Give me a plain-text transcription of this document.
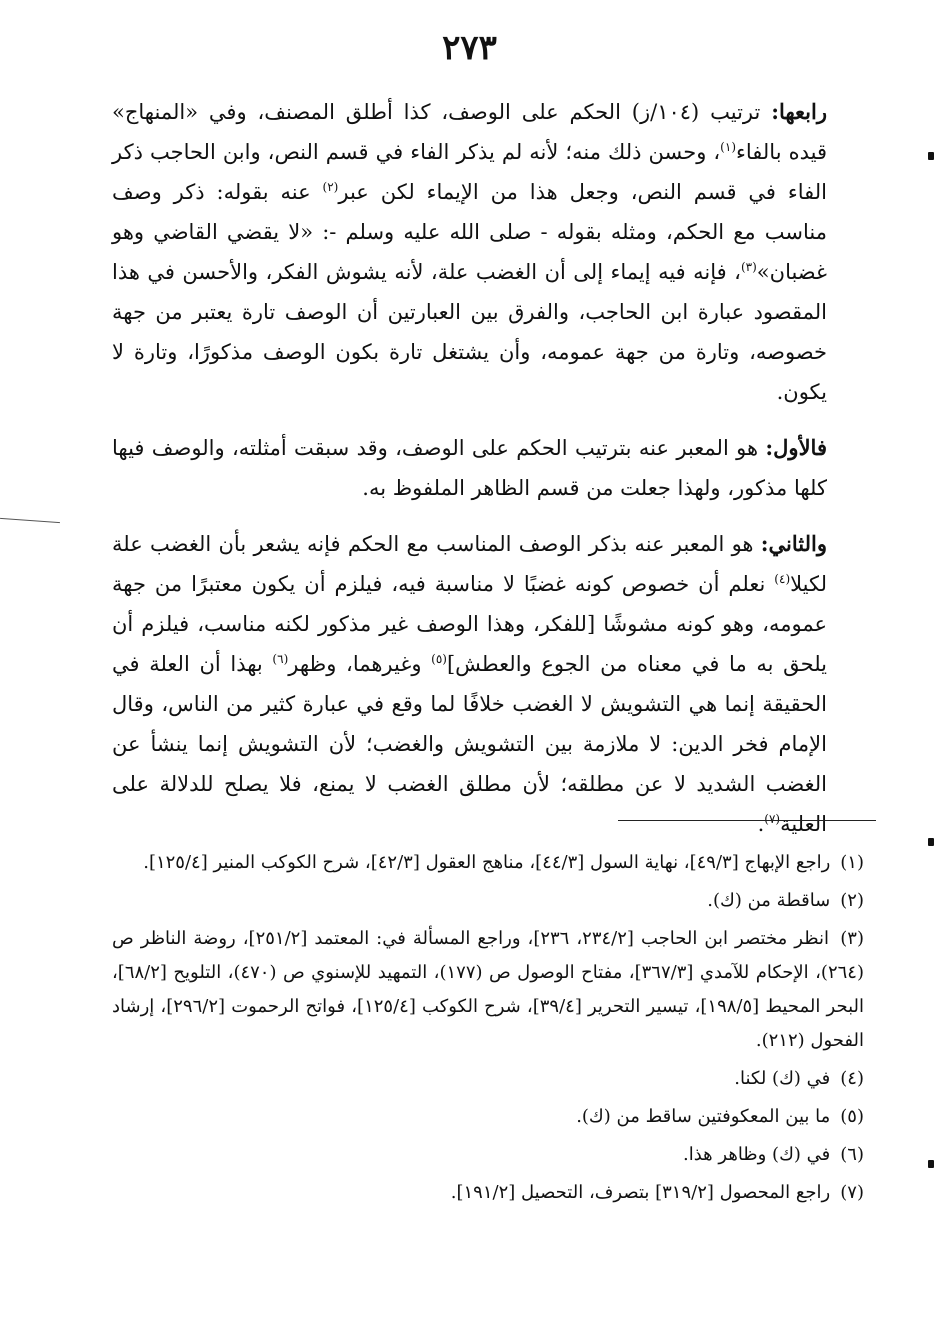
٢٧٣

رابعها: ترتيب (١٠٤/ز) الحكم على الوصف، كذا أطلق المصنف، وفي «المنهاج» قيده بالفاء$^{(١)}$، وحسن ذلك منه؛ لأنه لم يذكر الفاء في قسم النص، وابن الحاجب ذكر الفاء في قسم النص، وجعل هذا من الإيماء لكن عبر$^{(٢)}$ عنه بقوله: ذكر وصف مناسب مع الحكم، ومثله بقوله - صلى الله عليه وسلم -: «لا يقضي القاضي وهو غضبان»$^{(٣)}$، فإنه فيه إيماء إلى أن الغضب علة، لأنه يشوش الفكر، والأحسن في هذا المقصود عبارة ابن الحاجب، والفرق بين العبارتين أن الوصف تارة يعتبر من جهة خصوصه، وتارة من جهة عمومه، وأن يشتغل تارة بكون الوصف مذكورًا، وتارة لا يكون.

فالأول: هو المعبر عنه بترتيب الحكم على الوصف، وقد سبقت أمثلته، والوصف فيها كلها مذكور، ولهذا جعلت من قسم الظاهر الملفوظ به.

والثاني: هو المعبر عنه بذكر الوصف المناسب مع الحكم فإنه يشعر بأن الغضب علة لكيلا$^{(٤)}$ نعلم أن خصوص كونه غضبًا لا مناسبة فيه، فيلزم أن يكون معتبرًا من جهة عمومه، وهو كونه مشوشًا [للفكر، وهذا الوصف غير مذكور لكنه مناسب، فيلزم أن يلحق به ما في معناه من الجوع والعطش]$^{(٥)}$ وغيرهما، وظهر$^{(٦)}$ بهذا أن العلة في الحقيقة إنما هي التشويش لا الغضب خلافًا لما وقع في عبارة كثير من الناس، وقال الإمام فخر الدين: لا ملازمة بين التشويش والغضب؛ لأن التشويش إنما ينشأ عن الغضب الشديد لا عن مطلقه؛ لأن مطلق الغضب لا يمنع، فلا يصلح للدلالة على العلية$^{(٧)}$.

(١) راجع الإبهاج [٤٩/٣]، نهاية السول [٤٤/٣]، مناهج العقول [٤٢/٣]، شرح الكوكب المنير [١٢٥/٤].
(٢) ساقطة من (ك).
(٣) انظر مختصر ابن الحاجب [٢٣٤/٢، ٢٣٦]، وراجع المسألة في: المعتمد [٢٥١/٢]، روضة الناظر ص (٢٦٤)، الإحكام للآمدي [٣٦٧/٣]، مفتاح الوصول ص (١٧٧)، التمهيد للإسنوي ص (٤٧٠)، التلويح [٦٨/٢]، البحر المحيط [١٩٨/٥]، تيسير التحرير [٣٩/٤]، شرح الكوكب [١٢٥/٤]، فواتح الرحموت [٢٩٦/٢]، إرشاد الفحول (٢١٢).
(٤) في (ك) لكنا.
(٥) ما بين المعكوفتين ساقط من (ك).
(٦) في (ك) وظاهر هذا.
(٧) راجع المحصول [٣١٩/٢] بتصرف، التحصيل [١٩١/٢].
